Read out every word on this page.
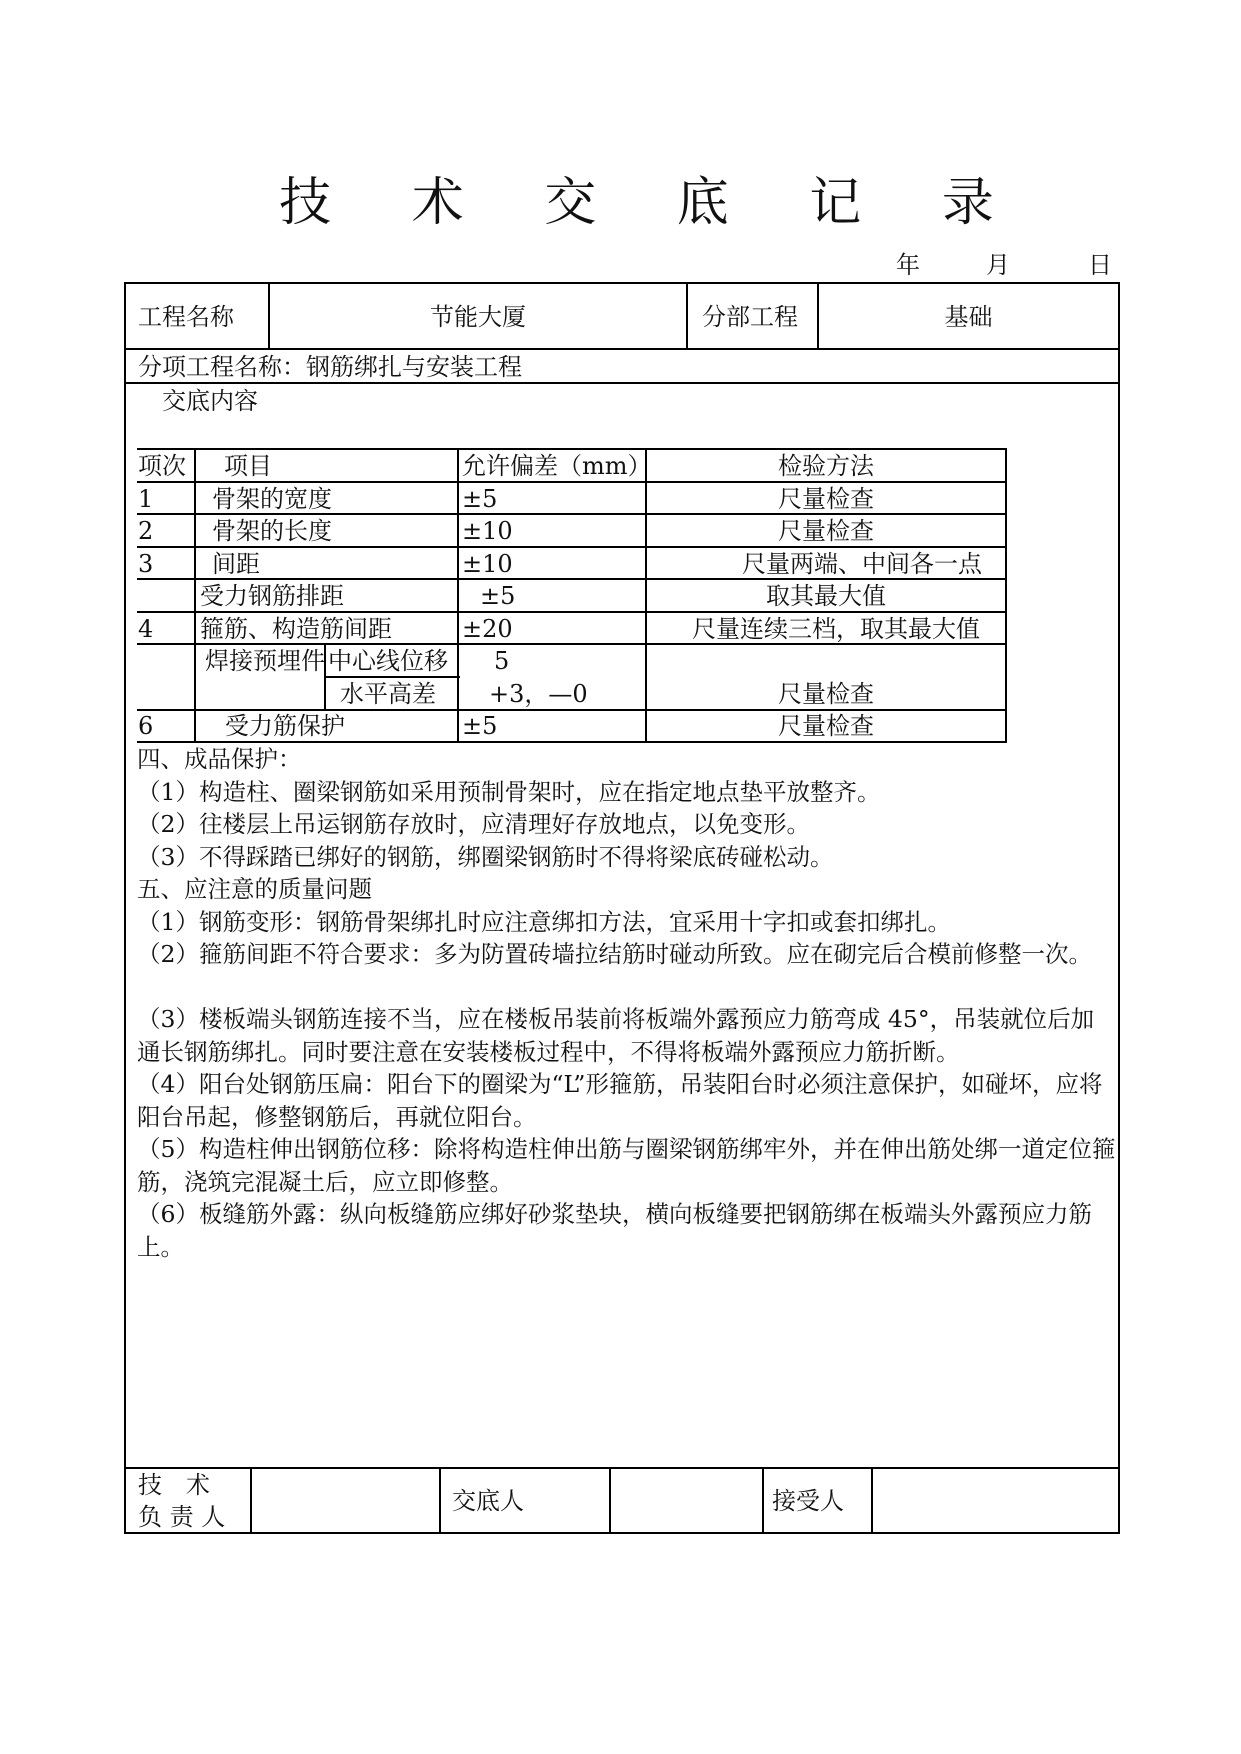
技 术 交 底 记 录
年	月	日
工程名称	节能大厦	分部工程	基础
分项工程名称：钢筋绑扎与安装工程
交底内容
项次 项目	允许偏差（mm）	检验方法
1 骨架的宽度	±5	尺量检查
2 骨架的长度	±10	尺量检查
3 间距	±10	尺量两端、中间各一点
受力钢筋排距	±5	取其最大值
4 箍筋、构造筋间距	±20	尺量连续三档，取其最大值
焊接预埋件 中心线位移 5
水平高差 +3，—0	尺量检查
6	受力筋保护	±5	尺量检查
四、成品保护：
（1）构造柱、圈梁钢筋如采用预制骨架时，应在指定地点垫平放整齐。
（2）往楼层上吊运钢筋存放时，应清理好存放地点，以免变形。
（3）不得踩踏已绑好的钢筋，绑圈梁钢筋时不得将梁底砖碰松动。
五、应注意的质量问题
（1）钢筋变形：钢筋骨架绑扎时应注意绑扣方法，宜采用十字扣或套扣绑扎。
（2）箍筋间距不符合要求：多为防置砖墙拉结筋时碰动所致。应在砌完后合模前修整一次。
（3）楼板端头钢筋连接不当，应在楼板吊装前将板端外露预应力筋弯成 45°，吊装就位后加通长钢筋绑扎。同时要注意在安装楼板过程中，不得将板端外露预应力筋折断。
（4）阳台处钢筋压扁：阳台下的圈梁为“L”形箍筋，吊装阳台时必须注意保护，如碰坏，应将阳台吊起，修整钢筋后，再就位阳台。
（5）构造柱伸出钢筋位移：除将构造柱伸出筋与圈梁钢筋绑牢外，并在伸出筋处绑一道定位箍筋，浇筑完混凝土后，应立即修整。
（6）板缝筋外露：纵向板缝筋应绑好砂浆垫块，横向板缝要把钢筋绑在板端头外露预应力筋上。
技　术
负 责 人
交底人	接受人
